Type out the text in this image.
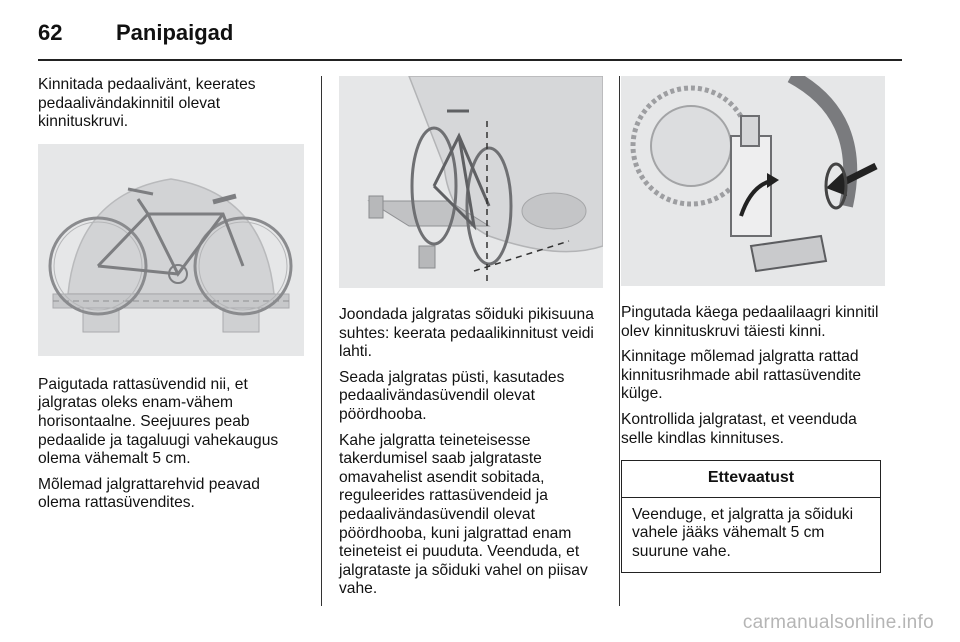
62 Panipaigad

Kinnitada pedaalivänt, keerates
pedaalivändakinnitil olevat
kinnituskruvi.

Paigutada rattasüvendid nii, et
jalgratas oleks enam-vähem
horisontaalne. Seejuures peab
pedaalide ja tagaluugi vahekaugus
olema vähemalt 5 cm.

Mõlemad jalgrattarehvid peavad
olema rattasüvendites.

Joondada jalgratas sõiduki pikisuuna
suhtes: keerata pedaalikinnitust veidi
lahti.

Seada jalgratas püsti, kasutades
pedaalivändasüvendil olevat
pöördhooba.

Kahe jalgratta teineteisesse
takerdumisel saab jalgrataste
omavahelist asendit sobitada,
reguleerides rattasüvendeid ja
pedaalivändasüvendil olevat
pöördhooba, kuni jalgrattad enam
teineteist ei puuduta. Veenduda, et
jalgrataste ja sõiduki vahel on piisav
vahe.

Pingutada käega pedaalilaagri kinnitil
olev kinnituskruvi täiesti kinni.

Kinnitage mõlemad jalgratta rattad
kinnitusrihmade abil rattasüvendite
külge.

Kontrollida jalgratast, et veenduda
selle kindlas kinnituses.

Ettevaatust
Veenduge, et jalgratta ja sõiduki
vahele jääks vähemalt 5 cm
suurune vahe.
carmanualsonline.info
